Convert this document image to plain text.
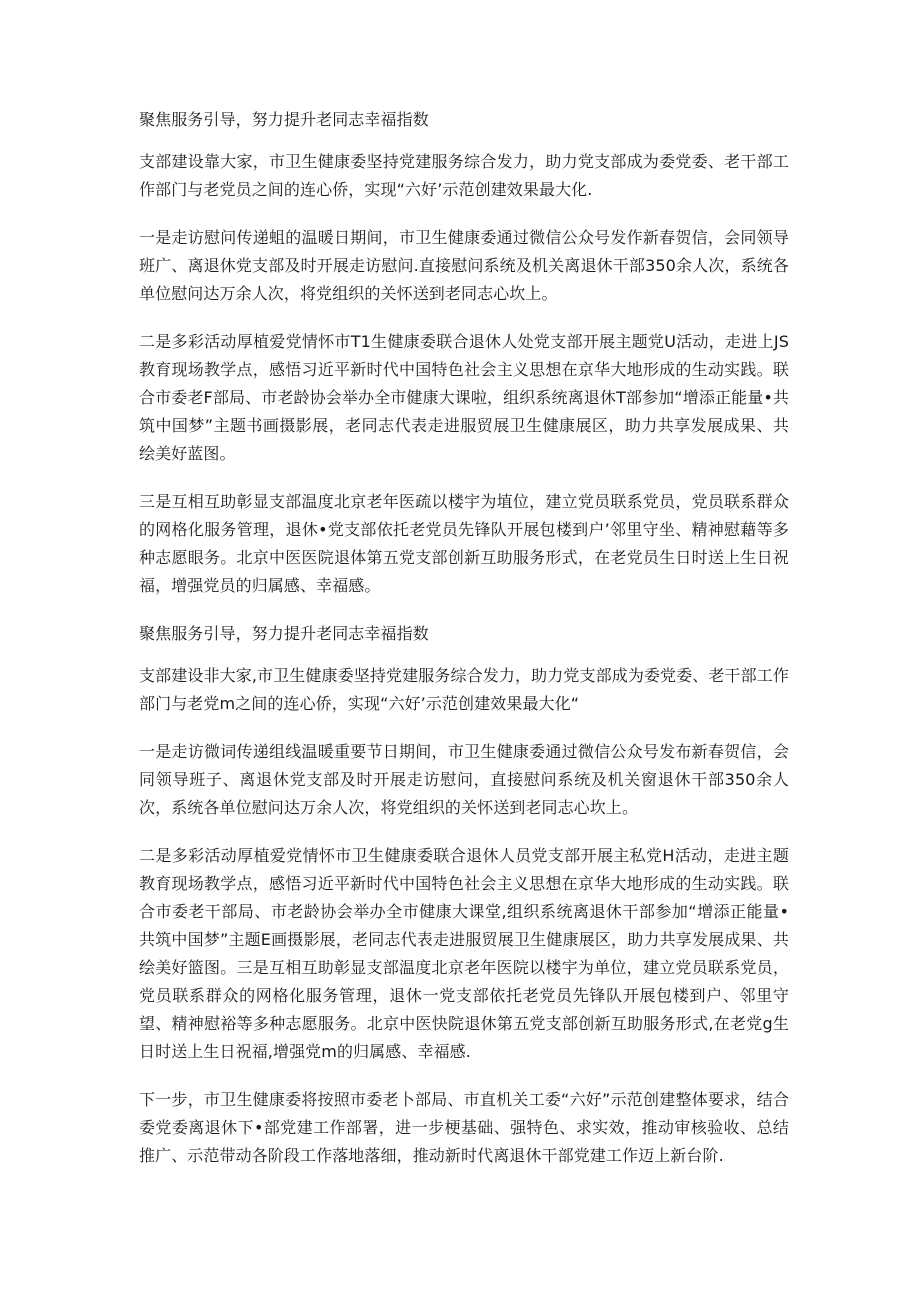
聚焦服务引导，努力提升老同志幸福指数

支部建设靠大家，市卫生健康委坚持党建服务综合发力，助力党支部成为委党委、老干部工作部门与老党员之间的连心侨，实现“六好’示范创建效果最大化.

一是走访慰问传递蛆的温暖日期间，市卫生健康委通过微信公众号发作新春贺信，会同领导班广、离退休党支部及时开展走访慰问.直接慰问系统及机关离退休干部350余人次，系统各单位慰问达万余人次，将党组织的关怀送到老同志心坎上。

二是多彩活动厚植爱党情怀市T1生健康委联合退休人处党支部开展主题党U活动，走进上JS教育现场教学点，感悟习近平新时代中国特色社会主义思想在京华大地形成的生动实践。联合市委老F部局、市老龄协会举办全市健康大课啦，组织系统离退休T部参加“增添正能量•共筑中国梦”主题书画摄影展，老同志代表走进服贸展卫生健康展区，助力共享发展成果、共绘美好蓝图。

三是互相互助彰显支部温度北京老年医疏以楼宇为埴位，建立党员联系党员，党员联系群众的网格化服务管理，退休•党支部依托老党员先锋队开展包楼到户’邻里守坐、精神慰藉等多种志愿眼务。北京中医医院退体第五党支部创新互助服务形式，在老党员生日时送上生日祝福，增强党员的归属感、幸福感。

聚焦服务引导，努力提升老同志幸福指数

支部建设非大家,市卫生健康委坚持党建服务综合发力，助力党支部成为委党委、老干部工作部门与老党m之间的连心侨，实现“六好’示范创建效果最大化“

一是走访微词传递组线温暖重要节日期间，市卫生健康委通过微信公众号发布新春贺信，会同领导班子、离退休党支部及时开展走访慰问，直接慰问系统及机关窗退休干部350余人次，系统各单位慰问达万余人次，将党组织的关怀送到老同志心坎上。

二是多彩活动厚植爱党情怀市卫生健康委联合退休人员党支部开展主私党H活动，走进主题教育现场教学点，感悟习近平新时代中国特色社会主义思想在京华大地形成的生动实践。联合市委老干部局、市老龄协会举办全市健康大课堂,组织系统离退休干部参加“增添正能量•共筑中国梦”主题E画摄影展，老同志代表走进服贸展卫生健康展区，助力共享发展成果、共绘美好篮图。三是互相互助彰显支部温度北京老年医院以楼宇为单位，建立党员联系党员，党员联系群众的网格化服务管理，退休一党支部依托老党员先锋队开展包楼到户、邻里守望、精神慰裕等多种志愿服务。北京中医快院退休第五党支部创新互助服务形式,在老党g生日时送上生日祝福,增强党m的归属感、幸福感.

下一步，市卫生健康委将按照市委老卜部局、市直机关工委“六好”示范创建整体要求，结合委党委离退休下•部党建工作部署，进一步梗基础、强特色、求实效，推动审核验收、总结推广、示范带动各阶段工作落地落细，推动新时代离退休干部党建工作迈上新台阶.
